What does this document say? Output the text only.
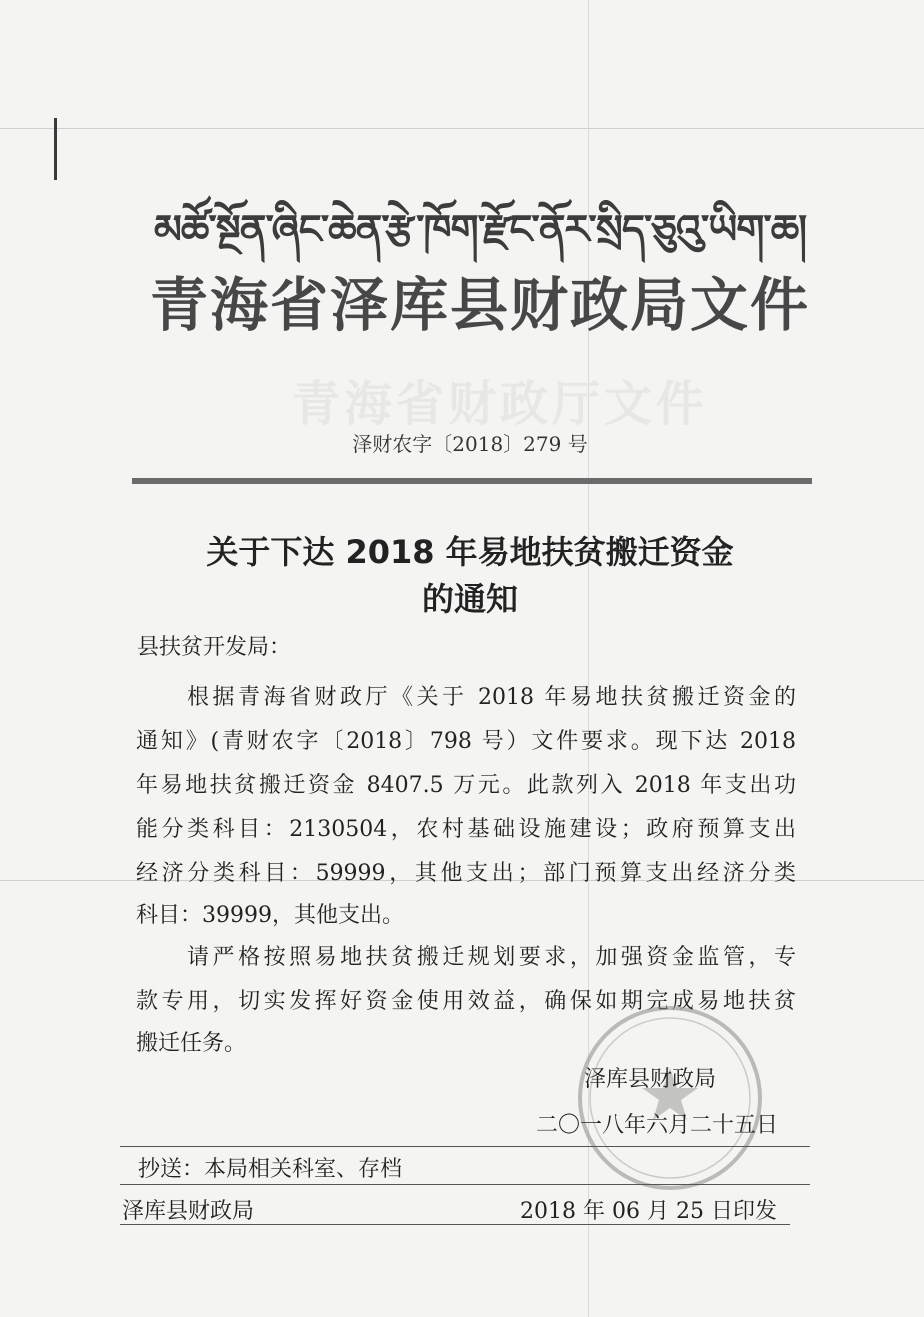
མཚོ་སྔོན་ཞིང་ཆེན་རྩེ་ཁོག་རྫོང་ནོར་སྲིད་ཅུའུ་ཡིག་ཆ།
青海省泽库县财政局文件
青海省财政厅文件
泽财农字〔2018〕279 号
关于下达 2018 年易地扶贫搬迁资金
的通知
县扶贫开发局：
　　根据青海省财政厅《关于 2018 年易地扶贫搬迁资金的
通知》(青财农字〔2018〕798 号）文件要求。现下达 2018
年易地扶贫搬迁资金 8407.5 万元。此款列入 2018 年支出功
能分类科目：2130504，农村基础设施建设；政府预算支出
经济分类科目：59999，其他支出；部门预算支出经济分类
科目：39999，其他支出。
　　请严格按照易地扶贫搬迁规划要求，加强资金监管，专
款专用，切实发挥好资金使用效益，确保如期完成易地扶贫
搬迁任务。
泽库县财政局
二〇一八年六月二十五日
抄送：本局相关科室、存档
泽库县财政局	2018 年 06 月 25 日印发
